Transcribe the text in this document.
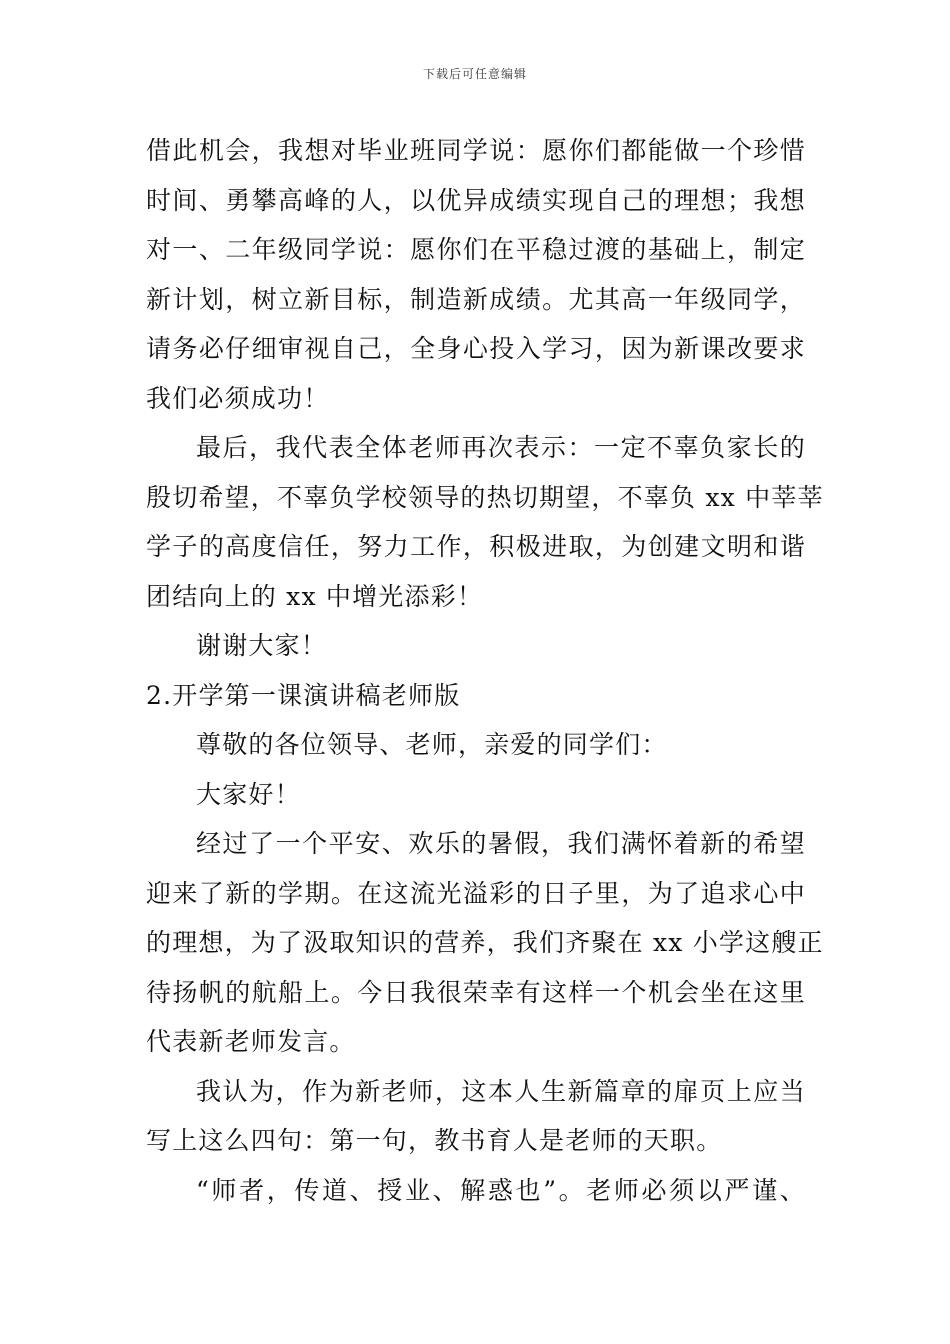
下载后可任意编辑
借此机会，我想对毕业班同学说：愿你们都能做一个珍惜
时间、勇攀高峰的人，以优异成绩实现自己的理想；我想
对一、二年级同学说：愿你们在平稳过渡的基础上，制定
新计划，树立新目标，制造新成绩。尤其高一年级同学，
请务必仔细审视自己，全身心投入学习，因为新课改要求
我们必须成功！
最后，我代表全体老师再次表示：一定不辜负家长的
殷切希望，不辜负学校领导的热切期望，不辜负 xx 中莘莘
学子的高度信任，努力工作，积极进取，为创建文明和谐
团结向上的 xx 中增光添彩！
谢谢大家！
2.开学第一课演讲稿老师版
尊敬的各位领导、老师，亲爱的同学们：
大家好！
经过了一个平安、欢乐的暑假，我们满怀着新的希望
迎来了新的学期。在这流光溢彩的日子里，为了追求心中
的理想，为了汲取知识的营养，我们齐聚在 xx 小学这艘正
待扬帆的航船上。今日我很荣幸有这样一个机会坐在这里
代表新老师发言。
我认为，作为新老师，这本人生新篇章的扉页上应当
写上这么四句：第一句，教书育人是老师的天职。
“师者，传道、授业、解惑也”。老师必须以严谨、
